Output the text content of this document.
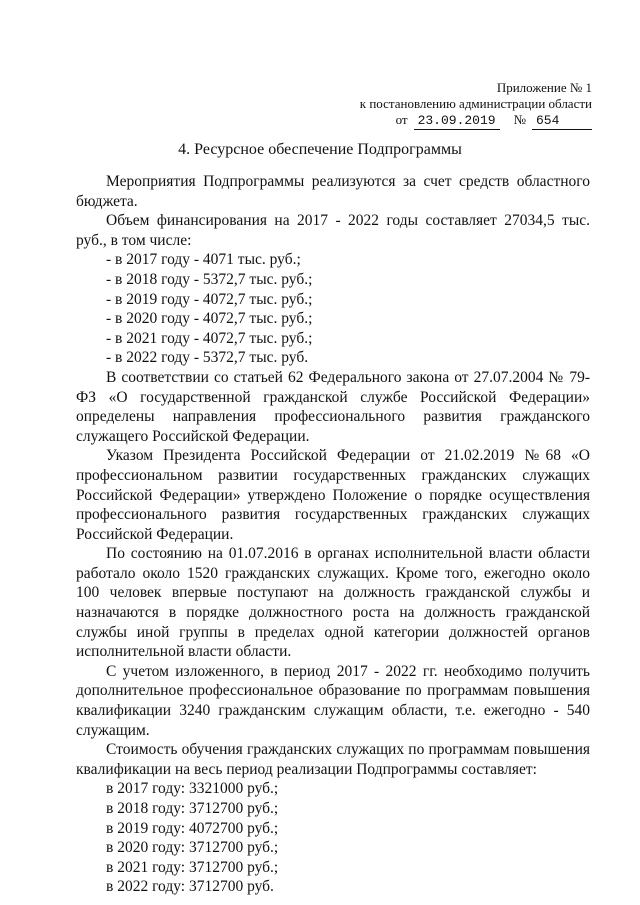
Приложение № 1
к постановлению администрации области
от 23.09.2019	№ 654
4. Ресурсное обеспечение Подпрограммы

Мероприятия Подпрограммы реализуются за счет средств областного бюджета.

Объем финансирования на 2017 - 2022 годы составляет 27034,5 тыс. руб., в том числе:

- в 2017 году - 4071 тыс. руб.;
- в 2018 году - 5372,7 тыс. руб.;
- в 2019 году - 4072,7 тыс. руб.;
- в 2020 году - 4072,7 тыс. руб.;
- в 2021 году - 4072,7 тыс. руб.;
- в 2022 году - 5372,7 тыс. руб.

В соответствии со статьей 62 Федерального закона от 27.07.2004 № 79-ФЗ «О государственной гражданской службе Российской Федерации» определены направления профессионального развития гражданского служащего Российской Федерации.

Указом Президента Российской Федерации от 21.02.2019 №68 «О профессиональном развитии государственных гражданских служащих Российской Федерации» утверждено Положение о порядке осуществления профессионального развития государственных гражданских служащих Российской Федерации.

По состоянию на 01.07.2016 в органах исполнительной власти области работало около 1520 гражданских служащих. Кроме того, ежегодно около 100 человек впервые поступают на должность гражданской службы и назначаются в порядке должностного роста на должность гражданской службы иной группы в пределах одной категории должностей органов исполнительной власти области.

С учетом изложенного, в период 2017 - 2022 гг. необходимо получить дополнительное профессиональное образование по программам повышения квалификации 3240 гражданским служащим области, т.е. ежегодно - 540 служащим.

Стоимость обучения гражданских служащих по программам повышения квалификации на весь период реализации Подпрограммы составляет:

в 2017 году: 3321000 руб.;
в 2018 году: 3712700 руб.;
в 2019 году: 4072700 руб.;
в 2020 году: 3712700 руб.;
в 2021 году: 3712700 руб.;
в 2022 году: 3712700 руб.
